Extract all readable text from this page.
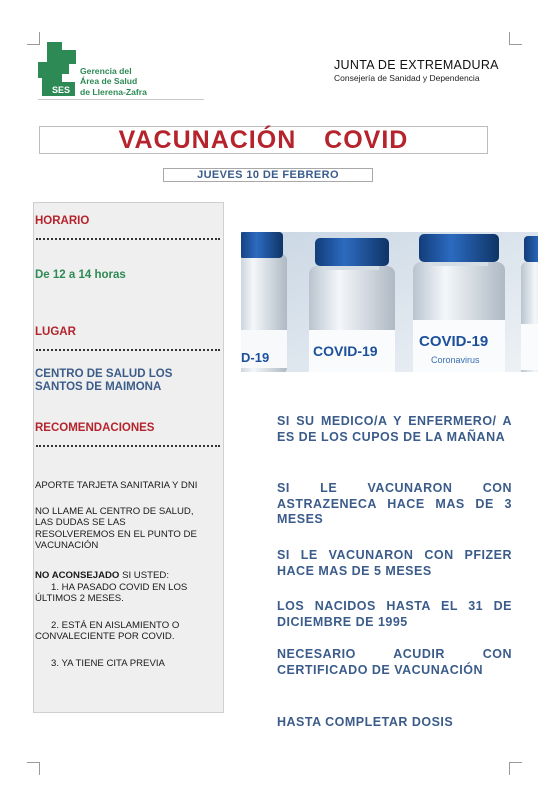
SES
Gerencia del
Área de Salud
de Llerena-Zafra
JUNTA DE EXTREMADURA
Consejería de Sanidad y Dependencia
VACUNACIÓN  COVID
JUEVES 10 DE FEBRERO
HORARIO
De 12 a 14 horas
LUGAR
CENTRO DE SALUD LOS
SANTOS DE MAIMONA
RECOMENDACIONES
APORTE TARJETA SANITARIA Y DNI
NO LLAME AL CENTRO DE SALUD,
LAS DUDAS SE LAS
RESOLVEREMOS EN EL PUNTO DE
VACUNACIÓN
NO ACONSEJADO SI USTED:
1. HA PASADO COVID EN LOS
ÚLTIMOS 2 MESES.
2. ESTÁ EN AISLAMIENTO O
CONVALECIENTE POR COVID.
3. YA TIENE CITA PREVIA
D-19	COVID-19
COVID-19
Coronavirus
SI SU MEDICO/A Y ENFERMERO/ A ES DE LOS CUPOS DE LA MAÑANA
SI LE VACUNARON CON ASTRAZENECA HACE MAS DE 3 MESES
SI LE VACUNARON CON PFIZER HACE MAS DE 5 MESES
LOS NACIDOS HASTA EL 31 DE DICIEMBRE DE 1995
NECESARIO ACUDIR CON CERTIFICADO DE VACUNACIÓN
HASTA COMPLETAR DOSIS
